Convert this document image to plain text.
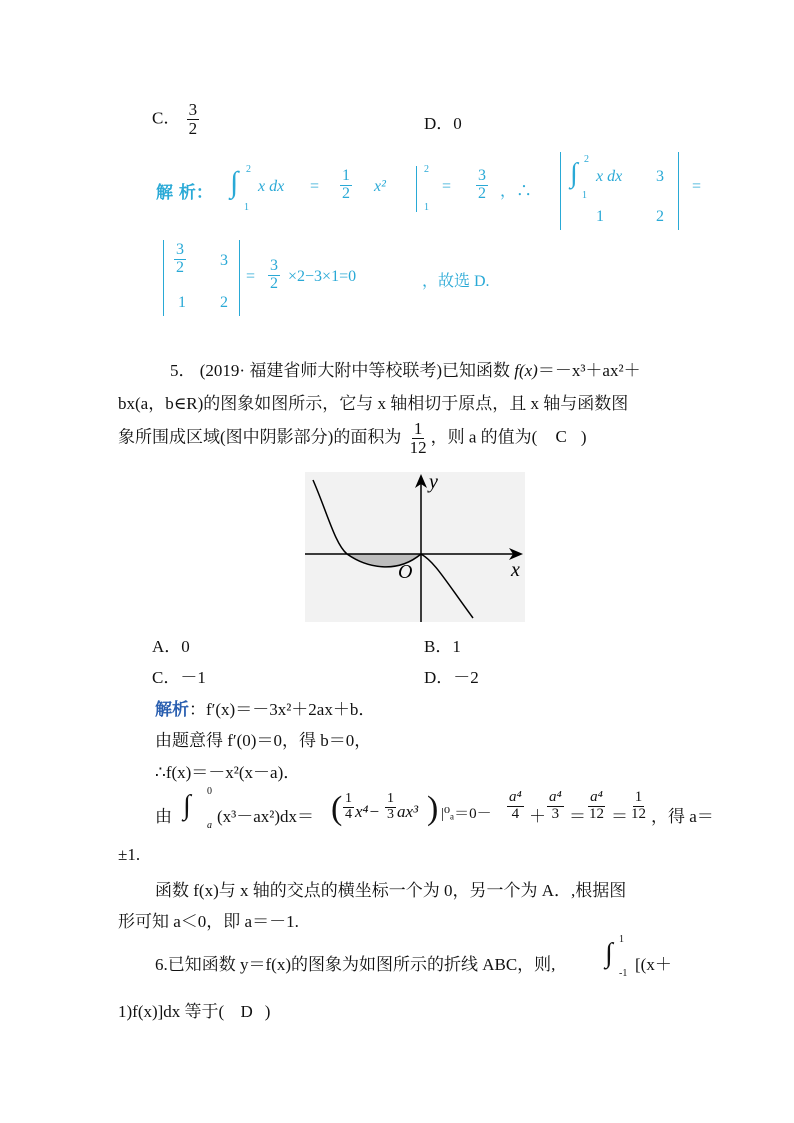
C． $\frac{3}{2}$	D．0
解 析： ∫ 2
1
x dx = $\frac{1}{2} x^2$
2
1
= $\frac{3}{2}$ ，∴
∫ 2
1
x dx 3
1	2
=
$\frac{3}{2} 3$
1 2
= $\frac{3}{2} \times 2-3\times 1=0$	，故选 D.
5． (2019· 福建省师大附中等校联考)已知函数 f(x)＝－x³＋ax²＋
bx(a，b∈R)的图象如图所示，它与 x 轴相切于原点，且 x 轴与函数图
象所围成区域(图中阴影部分)的面积为 $\frac{1}{12}$ ，则 a 的值为( C )
y
x
O
A．0	B．1
C．－1	D．－2
解析：f′(x)＝－3x²＋2ax＋b．
由题意得 f′(0)＝0，得 b＝0，
∴f(x)＝－x²(x－a)．
由 ∫ 0
a (x³－ax²)dx＝ ( $\frac{1}{4} x^4- \frac{1}{3} ax^3$ ) $|^0_a=0- \frac{\text{a⁴}}{4} + \frac{\text{a⁴}}{3} = \frac{\text{a⁴}}{12} = \frac{1}{12}$ ，得 a＝
±1.
函数 f(x)与 x 轴的交点的横坐标一个为 0，另一个为 A．,根据图
形可知 a＜0，即 a＝－1.
6.已知函数 y＝f(x)的图象为如图所示的折线 ABC，则, ∫ 1
-1 [(x＋
1)f(x)]dx 等于( D )
